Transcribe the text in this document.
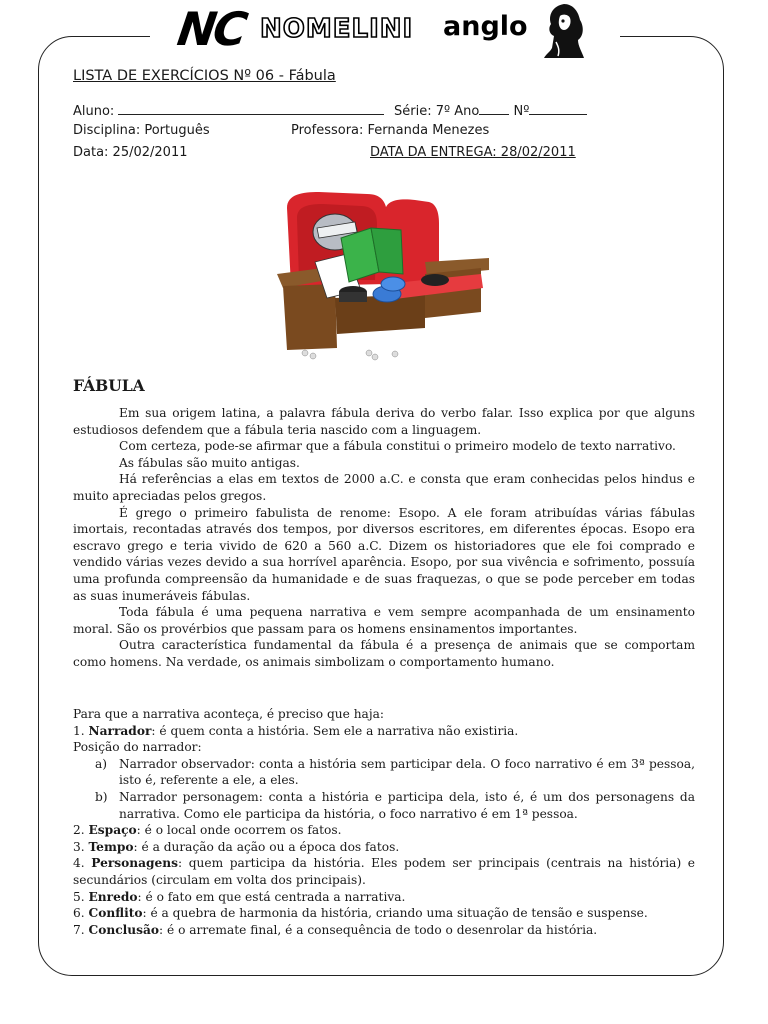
NC NOMELINI anglo
LISTA DE EXERCÍCIOS Nº 06 - Fábula
Aluno:	Série: 7º Ano	Nº
Disciplina: Português	Professora: Fernanda Menezes
Data: 25/02/2011	DATA DA ENTREGA: 28/02/2011
FÁBULA

Em sua origem latina, a palavra fábula deriva do verbo falar. Isso explica por que alguns estudiosos defendem que a fábula teria nascido com a linguagem.

Com certeza, pode-se afirmar que a fábula constitui o primeiro modelo de texto narrativo.

As fábulas são muito antigas.

Há referências a elas em textos de 2000 a.C. e consta que eram conhecidas pelos hindus e muito apreciadas pelos gregos.

É grego o primeiro fabulista de renome: Esopo. A ele foram atribuídas várias fábulas imortais, recontadas através dos tempos, por diversos escritores, em diferentes épocas. Esopo era escravo grego e teria vivido de 620 a 560 a.C. Dizem os historiadores que ele foi comprado e vendido várias vezes devido a sua horrível aparência. Esopo, por sua vivência e sofrimento, possuía uma profunda compreensão da humanidade e de suas fraquezas, o que se pode perceber em todas as suas inumeráveis fábulas.

Toda fábula é uma pequena narrativa e vem sempre acompanhada de um ensinamento moral. São os provérbios que passam para os homens ensinamentos importantes.

Outra característica fundamental da fábula é a presença de animais que se comportam como homens. Na verdade, os animais simbolizam o comportamento humano.

Para que a narrativa aconteça, é preciso que haja:

1. Narrador: é quem conta a história. Sem ele a narrativa não existiria.

Posição do narrador:

a) Narrador observador: conta a história sem participar dela. O foco narrativo é em 3ª pessoa, isto é, referente a ele, a eles.
b) Narrador personagem: conta a história e participa dela, isto é, é um dos personagens da narrativa. Como ele participa da história, o foco narrativo é em 1ª pessoa.

2. Espaço: é o local onde ocorrem os fatos.

3. Tempo: é a duração da ação ou a época dos fatos.

4. Personagens: quem participa da história. Eles podem ser principais (centrais na história) e secundários (circulam em volta dos principais).

5. Enredo: é o fato em que está centrada a narrativa.

6. Conflito: é a quebra de harmonia da história, criando uma situação de tensão e suspense.

7. Conclusão: é o arremate final, é a consequência de todo o desenrolar da história.
